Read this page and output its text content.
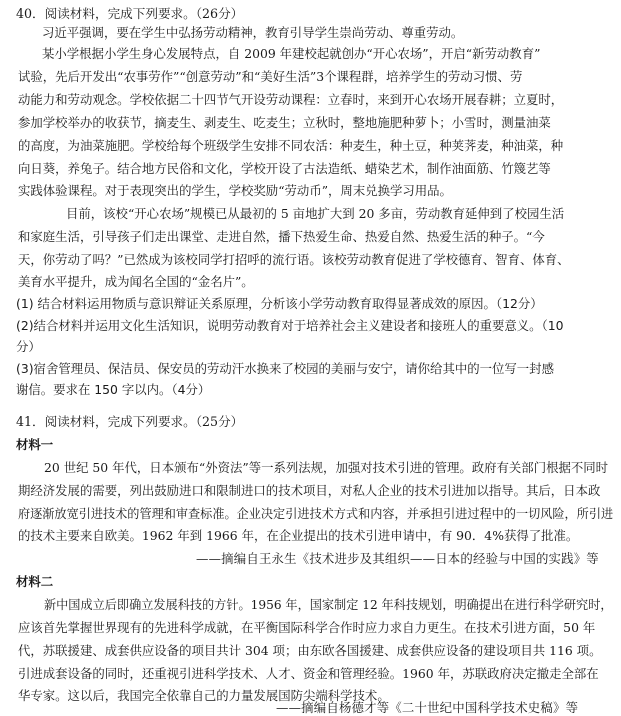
40．阅读材料，完成下列要求。（26分）
习近平强调，要在学生中弘扬劳动精神，教育引导学生崇尚劳动、尊重劳动。
某小学根据小学生身心发展特点，自 2009 年建校起就创办“开心农场”，开启“新劳动教育”
试验，先后开发出“农事劳作”“创意劳动”和“美好生活”3个课程群，培养学生的劳动习惯、劳
动能力和劳动观念。学校依据二十四节气开设劳动课程：立春时，来到开心农场开展春耕；立夏时，
参加学校举办的收获节，摘麦生、剥麦生、吃麦生；立秋时，整地施肥种萝卜；小雪时，测量油菜
的高度，为油菜施肥。学校给每个班级学生安排不同农活：种麦生，种土豆，种荚荠麦，种油菜，种
向日葵，养兔子。结合地方民俗和文化，学校开设了古法造纸、蜡染艺术，制作油面筋、竹篾艺等
实践体验课程。对于表现突出的学生，学校奖励“劳动币”，周末兑换学习用品。
目前，该校“开心农场”规模已从最初的 5 亩地扩大到 20 多亩，劳动教育延伸到了校园生活
和家庭生活，引导孩子们走出课堂、走进自然，播下热爱生命、热爱自然、热爱生活的种子。“今
天，你劳动了吗？”已然成为该校同学打招呼的流行语。该校劳动教育促进了学校德育、智育、体育、
美育水平提升，成为闻名全国的“金名片”。
(1) 结合材料运用物质与意识辩证关系原理，分析该小学劳动教育取得显著成效的原因。（12分）
(2)结合材料并运用文化生活知识，说明劳动教育对于培养社会主义建设者和接班人的重要意义。（10
分）
(3)宿舍管理员、保洁员、保安员的劳动汗水换来了校园的美丽与安宁，请你给其中的一位写一封感
谢信。要求在 150 字以内。（4分）
41．阅读材料，完成下列要求。（25分）
材料一
20 世纪 50 年代，日本颁布“外资法”等一系列法规，加强对技术引进的管理。政府有关部门根据不同时
期经济发展的需要，列出鼓励进口和限制进口的技术项目，对私人企业的技术引进加以指导。其后，日本政
府逐渐放宽引进技术的管理和审查标准。企业决定引进技术方式和内容，并承担引进过程中的一切风险，所引进
的技术主要来自欧美。1962 年到 1966 年，在企业提出的技术引进申请中，有 90．4%获得了批准。
——摘编自王永生《技术进步及其组织——日本的经验与中国的实践》等
材料二
新中国成立后即确立发展科技的方针。1956 年，国家制定 12 年科技规划，明确提出在进行科学研究时，
应该首先掌握世界现有的先进科学成就，在平衡国际科学合作时应力求自力更生。在技术引进方面，50 年
代，苏联援建、成套供应设备的项目共计 304 项；由东欧各国援建、成套供应设备的建设项目共 116 项。
引进成套设备的同时，还重视引进科学技术、人才、资金和管理经验。1960 年，苏联政府决定撤走全部在
华专家。这以后，我国完全依靠自己的力量发展国防尖端科学技术。
——摘编自杨德才等《二十世纪中国科学技术史稿》等
